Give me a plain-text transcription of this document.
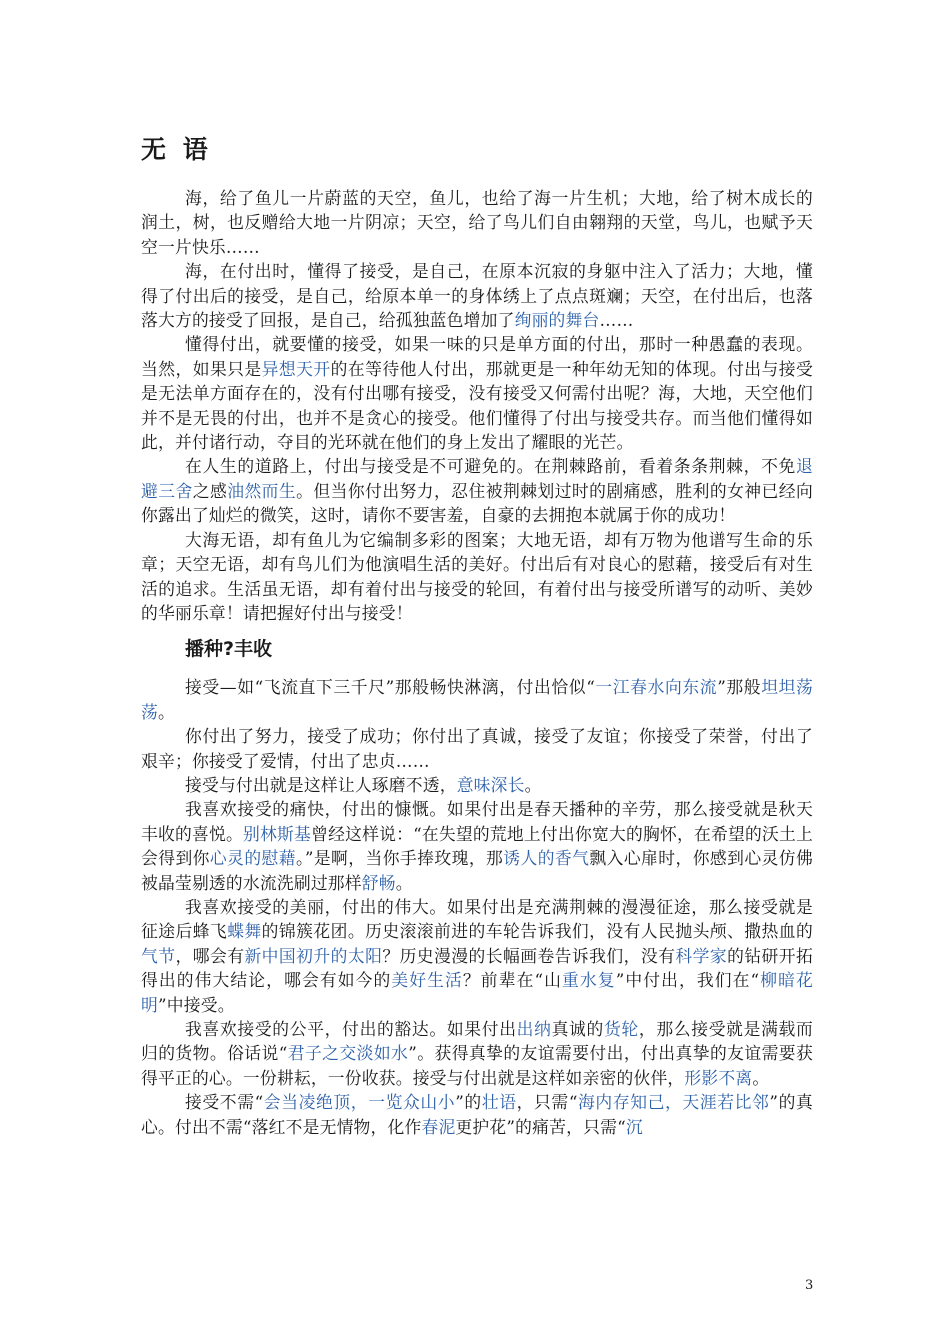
无 语

海，给了鱼儿一片蔚蓝的天空，鱼儿，也给了海一片生机；大地，给了树木成长的润土，树，也反赠给大地一片阴凉；天空，给了鸟儿们自由翱翔的天堂，鸟儿，也赋予天空一片快乐……

海，在付出时，懂得了接受，是自己，在原本沉寂的身躯中注入了活力；大地，懂得了付出后的接受，是自己，给原本单一的身体绣上了点点斑斓；天空，在付出后，也落落大方的接受了回报，是自己，给孤独蓝色增加了绚丽的舞台……

懂得付出，就要懂的接受，如果一味的只是单方面的付出，那时一种愚蠢的表现。当然，如果只是异想天开的在等待他人付出，那就更是一种年幼无知的体现。付出与接受是无法单方面存在的，没有付出哪有接受，没有接受又何需付出呢？海，大地，天空他们并不是无畏的付出，也并不是贪心的接受。他们懂得了付出与接受共存。而当他们懂得如此，并付诸行动，夺目的光环就在他们的身上发出了耀眼的光芒。

在人生的道路上，付出与接受是不可避免的。在荆棘路前，看着条条荆棘，不免退避三舍之感油然而生。但当你付出努力，忍住被荆棘划过时的剧痛感，胜利的女神已经向你露出了灿烂的微笑，这时，请你不要害羞，自豪的去拥抱本就属于你的成功！

大海无语，却有鱼儿为它编制多彩的图案；大地无语，却有万物为他谱写生命的乐章；天空无语，却有鸟儿们为他演唱生活的美好。付出后有对良心的慰藉，接受后有对生活的追求。生活虽无语，却有着付出与接受的轮回，有着付出与接受所谱写的动听、美妙的华丽乐章！请把握好付出与接受！

播种?丰收

接受—如“飞流直下三千尺”那般畅快淋漓，付出恰似“一江春水向东流”那般坦坦荡荡。

你付出了努力，接受了成功；你付出了真诚，接受了友谊；你接受了荣誉，付出了艰辛；你接受了爱情，付出了忠贞……

接受与付出就是这样让人琢磨不透，意味深长。

我喜欢接受的痛快，付出的慷慨。如果付出是春天播种的辛劳，那么接受就是秋天丰收的喜悦。别林斯基曾经这样说：“在失望的荒地上付出你宽大的胸怀，在希望的沃土上会得到你心灵的慰藉。”是啊，当你手捧玫瑰，那诱人的香气飘入心扉时，你感到心灵仿佛被晶莹剔透的水流洗刷过那样舒畅。

我喜欢接受的美丽，付出的伟大。如果付出是充满荆棘的漫漫征途，那么接受就是征途后蜂飞蝶舞的锦簇花团。历史滚滚前进的车轮告诉我们，没有人民抛头颅、撒热血的气节，哪会有新中国初升的太阳？历史漫漫的长幅画卷告诉我们，没有科学家的钻研开拓得出的伟大结论，哪会有如今的美好生活？前辈在“山重水复”中付出，我们在“柳暗花明”中接受。

我喜欢接受的公平，付出的豁达。如果付出出纳真诚的货轮，那么接受就是满载而归的货物。俗话说“君子之交淡如水”。获得真挚的友谊需要付出，付出真挚的友谊需要获得平正的心。一份耕耘，一份收获。接受与付出就是这样如亲密的伙伴，形影不离。

接受不需“会当凌绝顶，一览众山小”的壮语，只需“海内存知己，天涯若比邻”的真心。付出不需“落红不是无情物，化作春泥更护花”的痛苦，只需“沉

3
